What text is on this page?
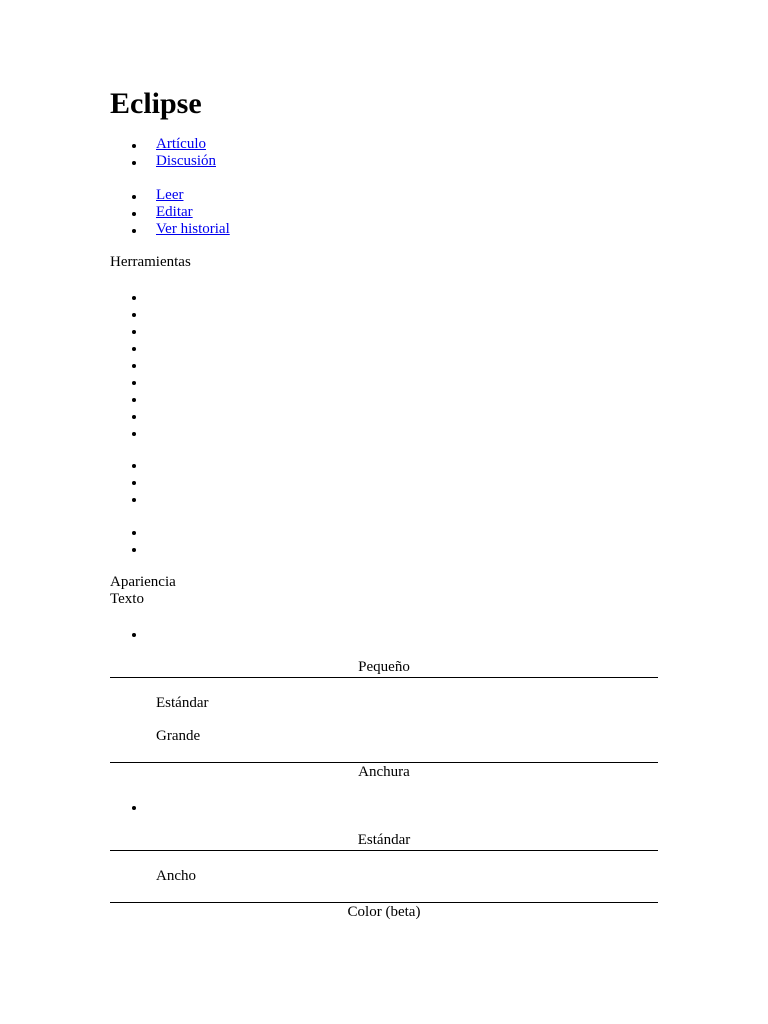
Eclipse
Artículo
Discusión
Leer
Editar
Ver historial
Herramientas
Apariencia
Texto
Pequeño
Estándar
Grande
Anchura
Estándar
Ancho
Color (beta)
